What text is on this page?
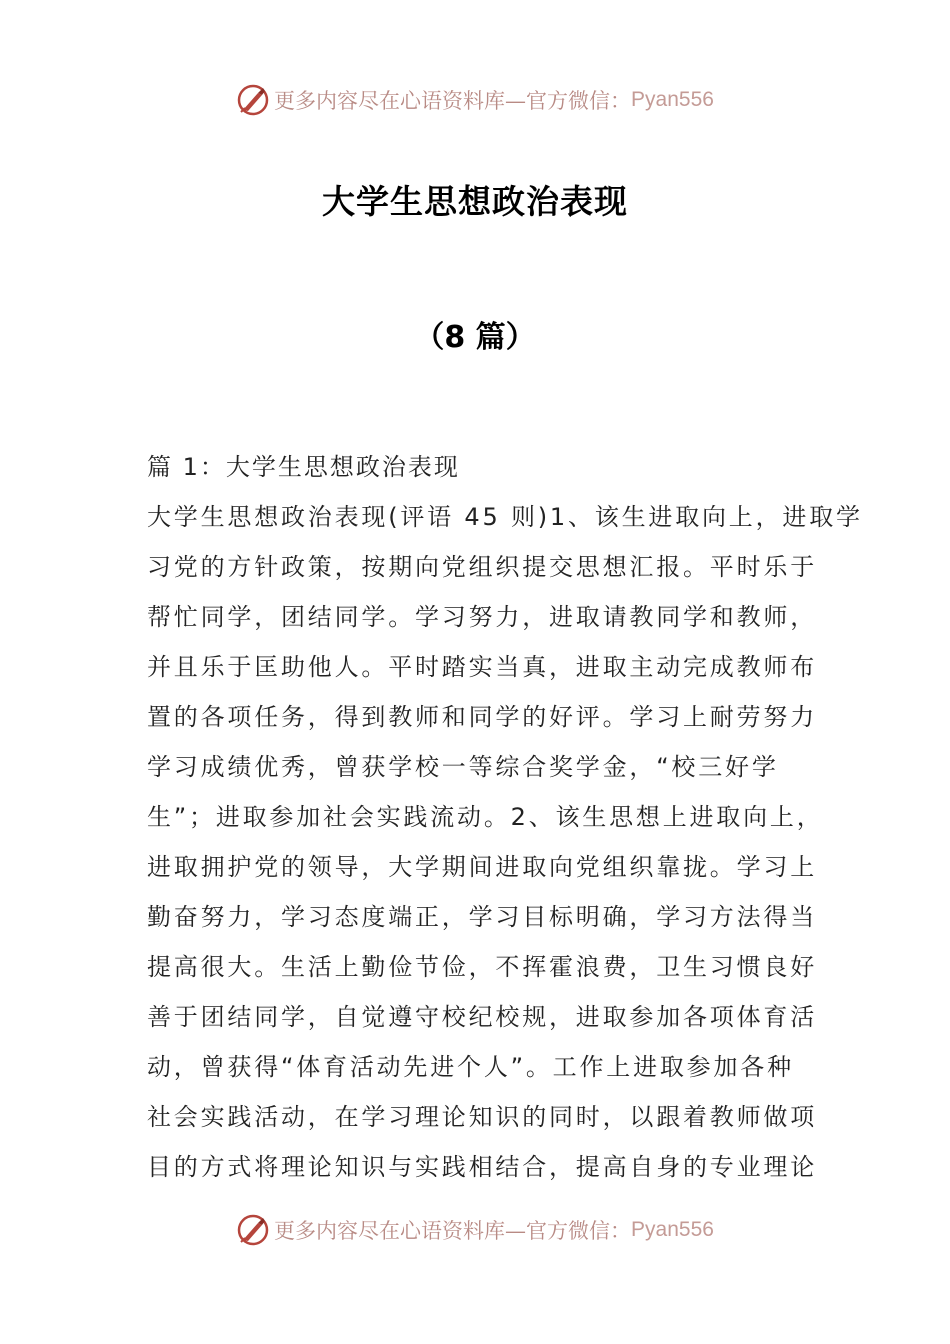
更多内容尽在心语资料库—官方微信： Pyan556
大学生思想政治表现
（8 篇）
篇 1：大学生思想政治表现
大学生思想政治表现(评语 45 则)1、该生进取向上，进取学
习党的方针政策，按期向党组织提交思想汇报。平时乐于
帮忙同学，团结同学。学习努力，进取请教同学和教师，
并且乐于匡助他人。平时踏实当真，进取主动完成教师布
置的各项任务，得到教师和同学的好评。学习上耐劳努力
学习成绩优秀，曾获学校一等综合奖学金，“校三好学
生”；进取参加社会实践流动。2、该生思想上进取向上，
进取拥护党的领导，大学期间进取向党组织靠拢。学习上
勤奋努力，学习态度端正，学习目标明确，学习方法得当
提高很大。生活上勤俭节俭，不挥霍浪费，卫生习惯良好
善于团结同学，自觉遵守校纪校规，进取参加各项体育活
动，曾获得“体育活动先进个人”。工作上进取参加各种
社会实践活动，在学习理论知识的同时，以跟着教师做项
目的方式将理论知识与实践相结合，提高自身的专业理论
更多内容尽在心语资料库—官方微信： Pyan556
